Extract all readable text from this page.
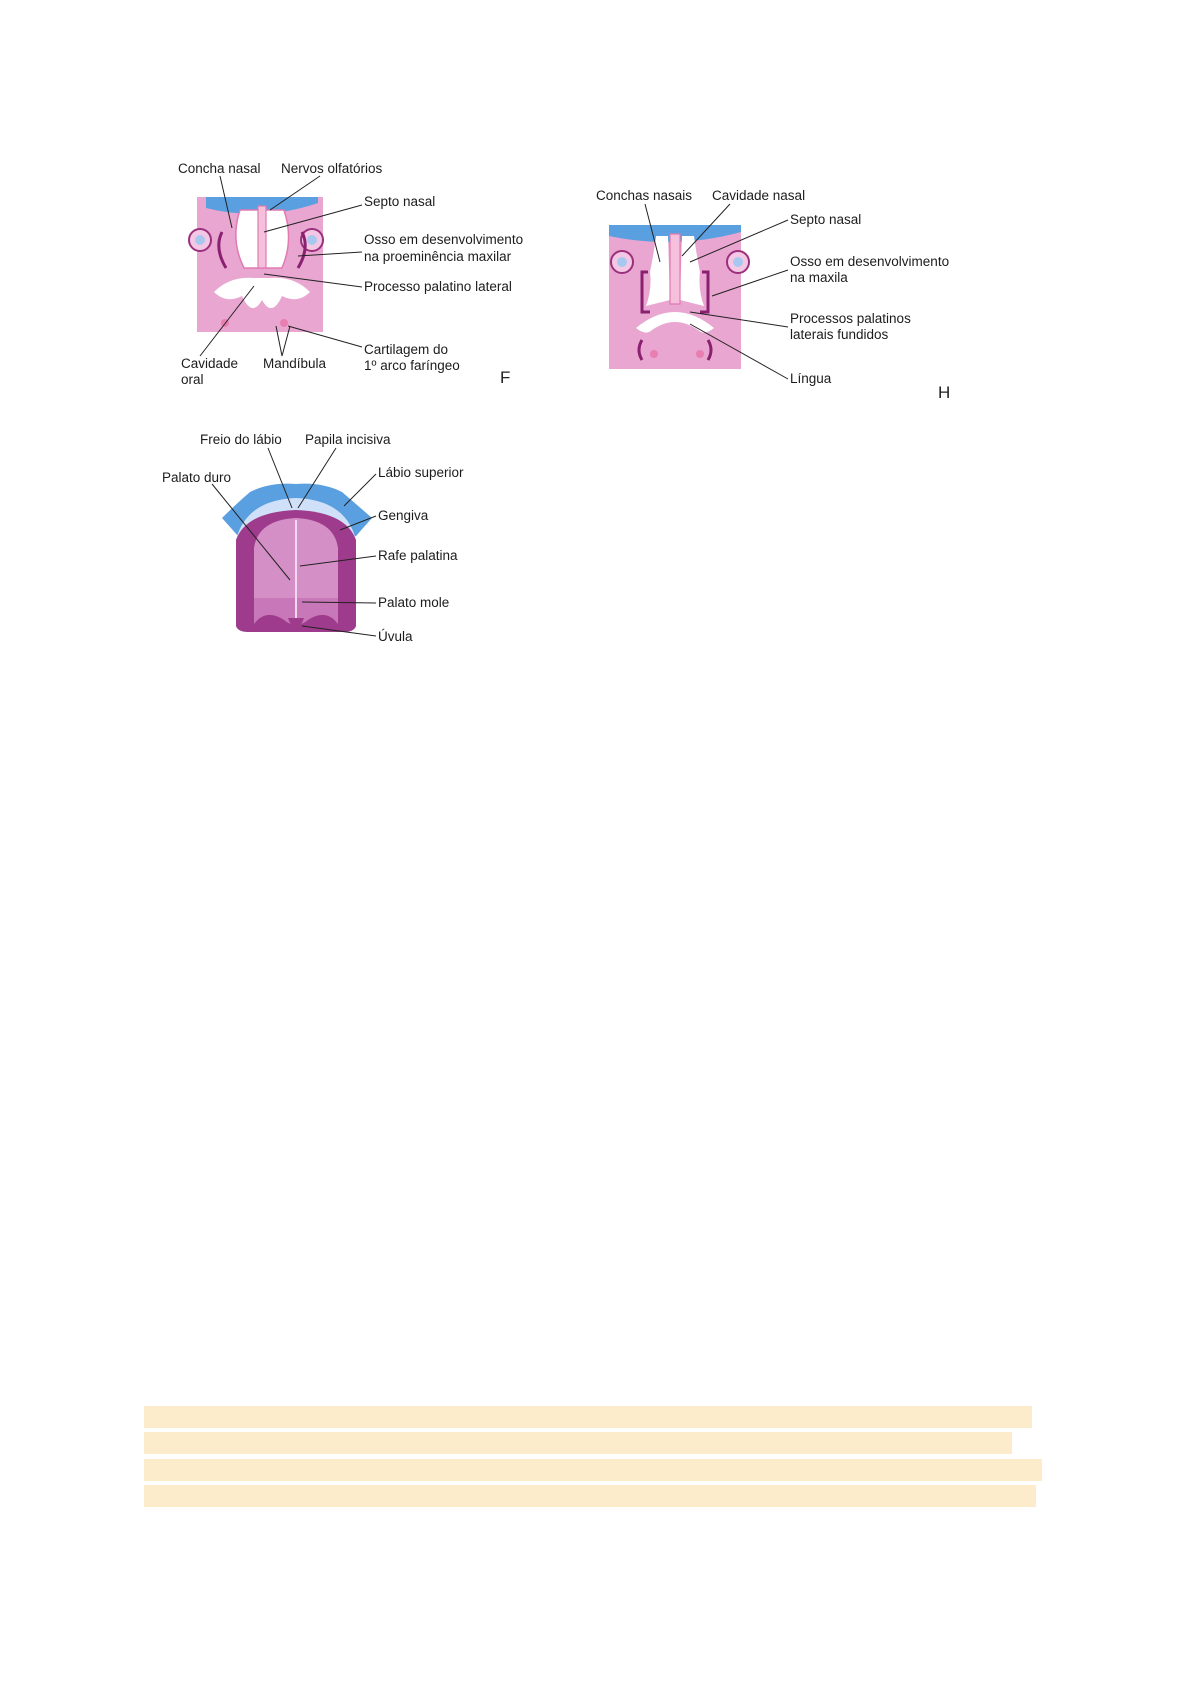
Concha nasal Nervos olfatórios
Septo nasal
Osso em desenvolvimento
na proeminência maxilar
Processo palatino lateral
Cavidade
oral
Mandíbula
Cartilagem do
1º arco faríngeo
F
Conchas nasais Cavidade nasal
Septo nasal
Osso em desenvolvimento
na maxila
Processos palatinos
laterais fundidos
Língua
H
Freio do lábio Papila incisiva
Palato duro	Lábio superior
Gengiva
Rafe palatina
Palato mole
Úvula
